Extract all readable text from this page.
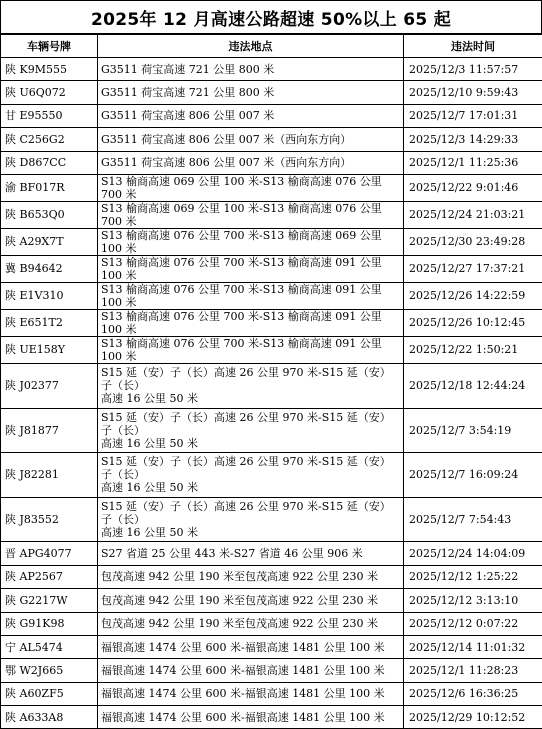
2025年 12 月高速公路超速 50%以上 65 起
车辆号牌	违法地点	违法时间
陕 K9M555	G3511 荷宝高速 721 公里 800 米	2025/12/3 11:57:57
陕 U6Q072	G3511 荷宝高速 721 公里 800 米	2025/12/10 9:59:43
甘 E95550	G3511 荷宝高速 806 公里 007 米	2025/12/7 17:01:31
陕 C256G2	G3511 荷宝高速 806 公里 007 米（西向东方向）	2025/12/3 14:29:33
陕 D867CC	G3511 荷宝高速 806 公里 007 米（西向东方向）	2025/12/1 11:25:36
渝 BF017R	S13 榆商高速 069 公里 100 米-S13 榆商高速 076 公里 700 米	2025/12/22 9:01:46
陕 B653Q0	S13 榆商高速 069 公里 100 米-S13 榆商高速 076 公里 700 米	2025/12/24 21:03:21
陕 A29X7T	S13 榆商高速 076 公里 700 米-S13 榆商高速 069 公里 100 米	2025/12/30 23:49:28
冀 B94642	S13 榆商高速 076 公里 700 米-S13 榆商高速 091 公里 100 米	2025/12/27 17:37:21
陕 E1V310	S13 榆商高速 076 公里 700 米-S13 榆商高速 091 公里 100 米	2025/12/26 14:22:59
陕 E651T2	S13 榆商高速 076 公里 700 米-S13 榆商高速 091 公里 100 米	2025/12/26 10:12:45
陕 UE158Y	S13 榆商高速 076 公里 700 米-S13 榆商高速 091 公里 100 米	2025/12/22 1:50:21
陕 J02377	S15 延（安）子（长）高速 26 公里 970 米-S15 延（安）子（长）
高速 16 公里 50 米	2025/12/18 12:44:24
陕 J81877	S15 延（安）子（长）高速 26 公里 970 米-S15 延（安）子（长）
高速 16 公里 50 米	2025/12/7 3:54:19
陕 J82281	S15 延（安）子（长）高速 26 公里 970 米-S15 延（安）子（长）
高速 16 公里 50 米	2025/12/7 16:09:24
陕 J83552	S15 延（安）子（长）高速 26 公里 970 米-S15 延（安）子（长）
高速 16 公里 50 米	2025/12/7 7:54:43
晋 APG4077	S27 省道 25 公里 443 米-S27 省道 46 公里 906 米	2025/12/24 14:04:09
陕 AP2567	包茂高速 942 公里 190 米至包茂高速 922 公里 230 米	2025/12/12 1:25:22
陕 G2217W	包茂高速 942 公里 190 米至包茂高速 922 公里 230 米	2025/12/12 3:13:10
陕 G91K98	包茂高速 942 公里 190 米至包茂高速 922 公里 230 米	2025/12/12 0:07:22
宁 AL5474	福银高速 1474 公里 600 米-福银高速 1481 公里 100 米	2025/12/14 11:01:32
鄂 W2J665	福银高速 1474 公里 600 米-福银高速 1481 公里 100 米	2025/12/1 11:28:23
陕 A60ZF5	福银高速 1474 公里 600 米-福银高速 1481 公里 100 米	2025/12/6 16:36:25
陕 A633A8	福银高速 1474 公里 600 米-福银高速 1481 公里 100 米	2025/12/29 10:12:52
